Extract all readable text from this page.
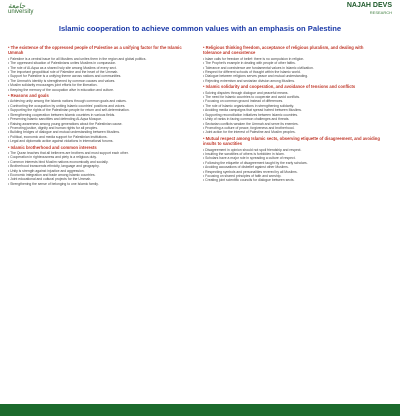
جامعة
university
NAJAH DEVS
RESEARCH
Islamic cooperation to achieve common values with an emphasis on Palestine
• The existence of the oppressed people of Palestine as a unifying factor for the Islamic Ummah
• Palestine is a central issue for all Muslims and unites them in the region and global politics.
• The oppressed situation of Palestinians unites Muslims in compassion.
• The role of Al-Aqsa as a shared holy site among Muslims of every sect.
• The important geopolitical role of Palestine and the heart of the Ummah.
• Support for Palestine is a unifying theme across nations and communities.
• The Ummah's identity is strengthened by common causes and values.
• Muslim solidarity encourages joint efforts for the liberation.
• Keeping the memory of the occupation alive in education and culture.
• Reasons and goals
• Achieving unity among the Islamic nations through common goals and values.
• Confronting the occupation by uniting Islamic countries' positions and voices.
• Supporting the rights of the Palestinian people for return and self-determination.
• Strengthening cooperation between Islamic countries in various fields.
• Preserving Islamic sanctities and defending Al-Aqsa Mosque.
• Raising awareness among young generations about the Palestinian cause.
• Promoting justice, dignity and human rights for all peoples.
• Building bridges of dialogue and mutual understanding between Muslims.
• Political, economic and media support for Palestinian institutions.
• Legal and diplomatic action against violations in international forums.
• Islamic brotherhood and common interests
• The Quran teaches that all believers are brothers and must support each other.
• Cooperation in righteousness and piety is a religious duty.
• Common interests bind Muslim nations economically and socially.
• Brotherhood transcends ethnicity, language and geography.
• Unity is strength against injustice and aggression.
• Economic integration and trade among Islamic countries.
• Joint educational and cultural projects for the Ummah.
• Strengthening the sense of belonging to one Islamic family.
• Religious thinking freedom, acceptance of religious pluralism, and dealing with tolerance and coexistence
• Islam calls for freedom of belief: there is no compulsion in religion.
• The Prophet's example in dealing with people of other faiths.
• Tolerance and coexistence are fundamental values in Islamic civilization.
• Respect for different schools of thought within the Islamic world.
• Dialogue between religions serves peace and mutual understanding.
• Rejecting extremism and sectarian division among Muslims.
• Islamic solidarity and cooperation, and avoidance of tensions and conflicts
• Solving disputes through dialogue and peaceful means.
• The need for Islamic countries to cooperate and avoid conflicts.
• Focusing on common ground instead of differences.
• The role of Islamic organizations in strengthening solidarity.
• Avoiding media campaigns that spread hatred between Muslims.
• Supporting reconciliation initiatives between Islamic countries.
• Unity of ranks in facing common challenges and threats.
• Sectarian conflicts weaken the Ummah and serve its enemies.
• Promoting a culture of peace, forgiveness and brotherhood.
• Joint action for the interest of Palestine and Muslim peoples.
• Mutual respect among Islamic sects, observing etiquette of disagreement, and avoiding insults to sanctities
• Disagreement in opinion should not spoil friendship and respect.
• Insulting the sanctities of others is forbidden in Islam.
• Scholars have a major role in spreading a culture of respect.
• Following the etiquette of disagreement taught by the early scholars.
• Avoiding accusations of disbelief against other Muslims.
• Respecting symbols and personalities revered by all Muslims.
• Focusing on shared principles of faith and worship.
• Creating joint scientific councils for dialogue between sects.
